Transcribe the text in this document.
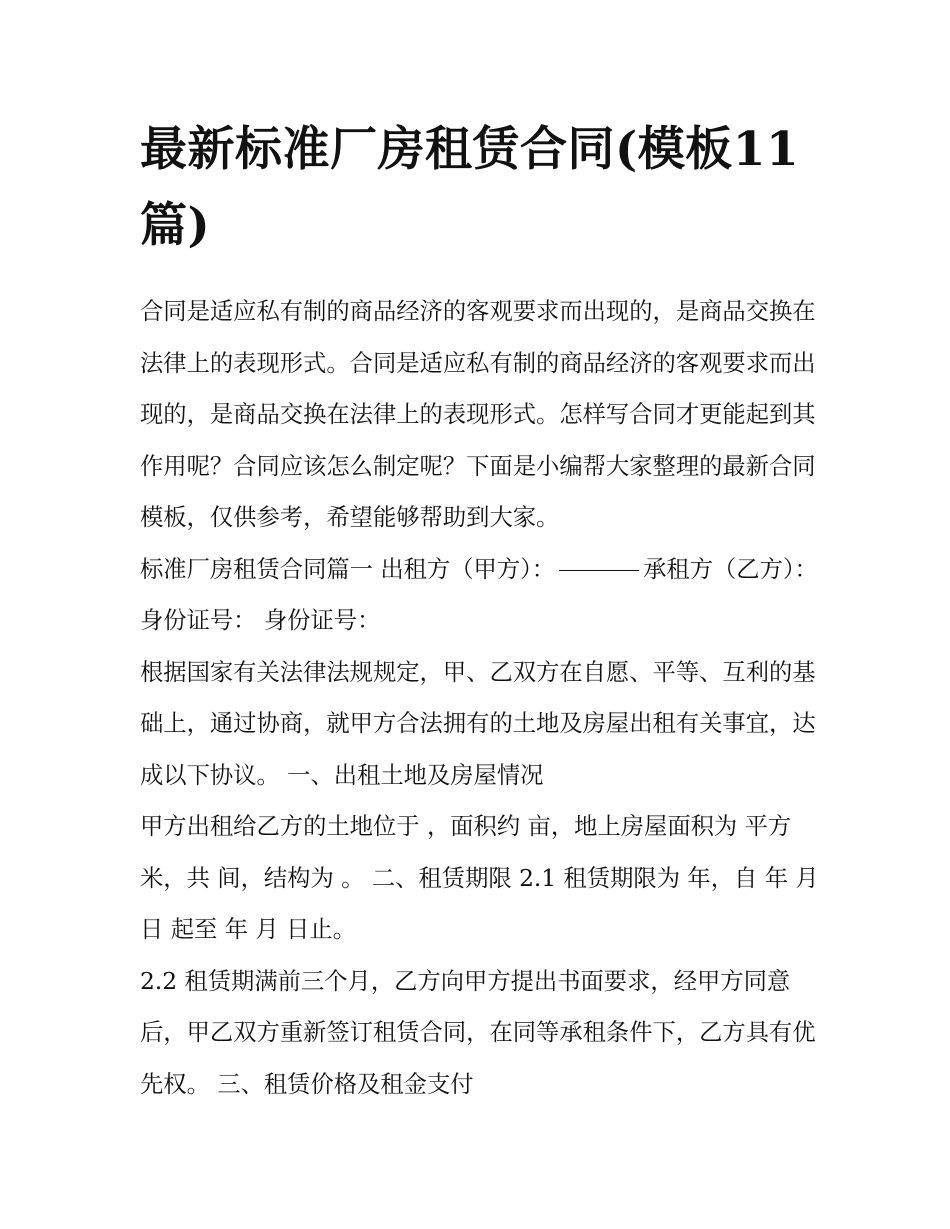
最新标准厂房租赁合同(模板11篇)

合同是适应私有制的商品经济的客观要求而出现的，是商品交换在法律上的表现形式。合同是适应私有制的商品经济的客观要求而出现的，是商品交换在法律上的表现形式。怎样写合同才更能起到其作用呢？合同应该怎么制定呢？下面是小编帮大家整理的最新合同模板，仅供参考，希望能够帮助到大家。

标准厂房租赁合同篇一 出租方（甲方）：	承租方（乙方）： 身份证号： 身份证号：

根据国家有关法律法规规定，甲、乙双方在自愿、平等、互利的基础上，通过协商，就甲方合法拥有的土地及房屋出租有关事宜，达成以下协议。 一、出租土地及房屋情况

甲方出租给乙方的土地位于 ，面积约 亩，地上房屋面积为 平方米，共 间，结构为 。 二、租赁期限 2.1 租赁期限为 年，自 年 月 日 起至 年 月 日止。

2.2 租赁期满前三个月，乙方向甲方提出书面要求，经甲方同意后，甲乙双方重新签订租赁合同，在同等承租条件下，乙方具有优先权。 三、租赁价格及租金支付
